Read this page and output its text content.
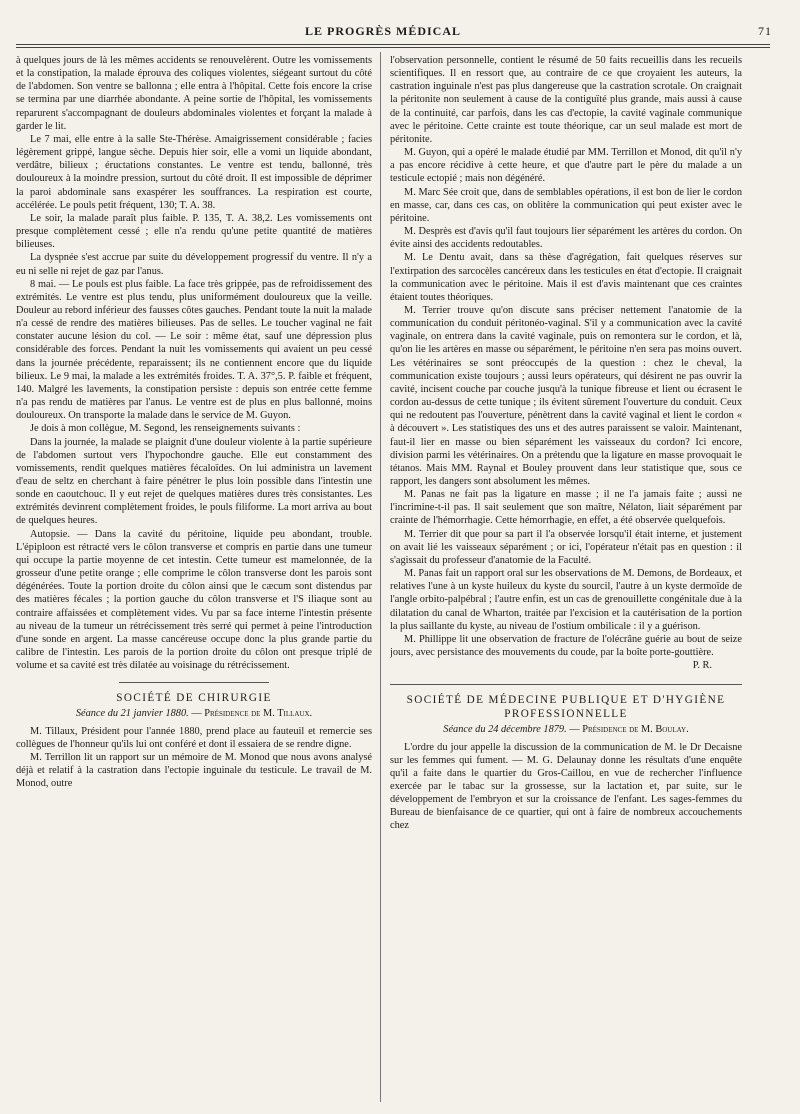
LE PROGRÈS MÉDICAL	71

à quelques jours de là les mêmes accidents se renouvelèrent. Outre les vomissements et la constipation, la malade éprouva des coliques violentes, siégeant surtout du côté de l'abdomen. Son ventre se ballonna ; elle entra à l'hôpital. Cette fois encore la crise se termina par une diarrhée abondante. A peine sortie de l'hôpital, les vomissements reparurent s'accompagnant de douleurs abdominales violentes et forçant la malade à garder le lit.

Le 7 mai, elle entre à la salle Ste-Thérèse. Amaigrissement considérable ; facies légèrement grippé, langue sèche. Depuis hier soir, elle a vomi un liquide abondant, verdâtre, bilieux ; éructations constantes. Le ventre est tendu, ballonné, très douloureux à la moindre pression, surtout du côté droit. Il est impossible de déprimer la paroi abdominale sans exaspérer les souffrances. La respiration est courte, accélérée. Le pouls petit fréquent, 130; T. A. 38.

Le soir, la malade paraît plus faible. P. 135, T. A. 38,2. Les vomissements ont presque complètement cessé ; elle n'a rendu qu'une petite quantité de matières bilieuses.

La dyspnée s'est accrue par suite du développement progressif du ventre. Il n'y a eu ni selle ni rejet de gaz par l'anus.

8 mai. — Le pouls est plus faible. La face très grippée, pas de refroidissement des extrémités. Le ventre est plus tendu, plus uniformément douloureux que la veille. Douleur au rebord inférieur des fausses côtes gauches. Pendant toute la nuit la malade n'a cessé de rendre des matières bilieuses. Pas de selles. Le toucher vaginal ne fait constater aucune lésion du col. — Le soir : même état, sauf une dépression plus considérable des forces. Pendant la nuit les vomissements qui avaient un peu cessé dans la journée précédente, reparaissent; ils ne contiennent encore que du liquide bilieux. Le 9 mai, la malade a les extrémités froides. T. A. 37°,5. P. faible et fréquent, 140. Malgré les lavements, la constipation persiste : depuis son entrée cette femme n'a pas rendu de matières par l'anus. Le ventre est de plus en plus ballonné, moins douloureux. On transporte la malade dans le service de M. Guyon.

Je dois à mon collègue, M. Segond, les renseignements suivants :

Dans la journée, la malade se plaignit d'une douleur violente à la partie supérieure de l'abdomen surtout vers l'hypochondre gauche. Elle eut constamment des vomissements, rendit quelques matières fécaloïdes. On lui administra un lavement d'eau de seltz en cherchant à faire pénétrer le plus loin possible dans l'intestin une sonde en caoutchouc. Il y eut rejet de quelques matières dures très consistantes. Les extrémités devinrent complètement froides, le pouls filiforme. La mort arriva au bout de quelques heures.

Autopsie. — Dans la cavité du péritoine, liquide peu abondant, trouble. L'épiploon est rétracté vers le côlon transverse et compris en partie dans une tumeur qui occupe la partie moyenne de cet intestin. Cette tumeur est mamelonnée, de la grosseur d'une petite orange ; elle comprime le côlon transverse dont les parois sont dégénérées. Toute la portion droite du côlon ainsi que le cæcum sont distendus par des matières fécales ; la portion gauche du côlon transverse et l'S iliaque sont au contraire affaissées et complètement vides. Vu par sa face interne l'intestin présente au niveau de la tumeur un rétrécissement très serré qui permet à peine l'introduction d'une sonde en argent. La masse cancéreuse occupe donc la plus grande partie du calibre de l'intestin. Les parois de la portion droite du côlon ont presque triplé de volume et sa cavité est très dilatée au voisinage du rétrécissement.

SOCIÉTÉ DE CHIRURGIE
Séance du 21 janvier 1880. — Présidence de M. Tillaux.

M. Tillaux, Président pour l'année 1880, prend place au fauteuil et remercie ses collègues de l'honneur qu'ils lui ont conféré et dont il essaiera de se rendre digne.

M. Terrillon lit un rapport sur un mémoire de M. Monod que nous avons analysé déjà et relatif à la castration dans l'ectopie inguinale du testicule. Le travail de M. Monod, outre

l'observation personnelle, contient le résumé de 50 faits recueillis dans les recueils scientifiques. Il en ressort que, au contraire de ce que croyaient les auteurs, la castration inguinale n'est pas plus dangereuse que la castration scrotale. On craignait la péritonite non seulement à cause de la contiguïté plus grande, mais aussi à cause de la continuité, car parfois, dans les cas d'ectopie, la cavité vaginale communique avec le péritoine. Cette crainte est toute théorique, car un seul malade est mort de péritonite.

M. Guyon, qui a opéré le malade étudié par MM. Terrillon et Monod, dit qu'il n'y a pas encore récidive à cette heure, et que d'autre part le père du malade a un testicule ectopié ; mais non dégénéré.

M. Marc Sée croit que, dans de semblables opérations, il est bon de lier le cordon en masse, car, dans ces cas, on oblitère la communication qui peut exister avec le péritoine.

M. Desprès est d'avis qu'il faut toujours lier séparément les artères du cordon. On évite ainsi des accidents redoutables.

M. Le Dentu avait, dans sa thèse d'agrégation, fait quelques réserves sur l'extirpation des sarcocèles cancéreux dans les testicules en état d'ectopie. Il craignait la communication avec le péritoine. Mais il est d'avis maintenant que ces craintes étaient toutes théoriques.

M. Terrier trouve qu'on discute sans préciser nettement l'anatomie de la communication du conduit péritonéo-vaginal. S'il y a communication avec la cavité vaginale, on entrera dans la cavité vaginale, puis on remontera sur le cordon, et là, qu'on lie les artères en masse ou séparément, le péritoine n'en sera pas moins ouvert. Les vétérinaires se sont préoccupés de la question : chez le cheval, la communication existe toujours ; aussi leurs opérateurs, qui désirent ne pas ouvrir la cavité, incisent couche par couche jusqu'à la tunique fibreuse et lient ou écrasent le cordon au-dessus de cette tunique ; ils évitent sûrement l'ouverture du conduit. Ceux qui ne redoutent pas l'ouverture, pénètrent dans la cavité vaginal et lient le cordon « à découvert ». Les statistiques des uns et des autres paraissent se valoir. Maintenant, faut-il lier en masse ou bien séparément les vaisseaux du cordon? Ici encore, division parmi les vétérinaires. On a prétendu que la ligature en masse provoquait le tétanos. Mais MM. Raynal et Bouley prouvent dans leur statistique que, sous ce rapport, les dangers sont absolument les mêmes.

M. Panas ne fait pas la ligature en masse ; il ne l'a jamais faite ; aussi ne l'incrimine-t-il pas. Il sait seulement que son maître, Nélaton, liait séparément par crainte de l'hémorrhagie. Cette hémorrhagie, en effet, a été observée quelquefois.

M. Terrier dit que pour sa part il l'a observée lorsqu'il était interne, et justement on avait lié les vaisseaux séparément ; or ici, l'opérateur n'était pas en question : il s'agissait du professeur d'anatomie de la Faculté.

M. Panas fait un rapport oral sur les observations de M. Demons, de Bordeaux, et relatives l'une à un kyste huileux du kyste du sourcil, l'autre à un kyste dermoïde de l'angle orbito-palpébral ; l'autre enfin, est un cas de grenouillette congénitale due à la dilatation du canal de Wharton, traitée par l'excision et la cautérisation de la portion la plus saillante du kyste, au niveau de l'ostium ombilicale : il y a guérison.

M. Phillippe lit une observation de fracture de l'olécrâne guérie au bout de seize jours, avec persistance des mouvements du coude, par la boîte porte-gouttière.

P. R.
SOCIÉTÉ DE MÉDECINE PUBLIQUE ET D'HYGIÈNE PROFESSIONNELLE
Séance du 24 décembre 1879. — Présidence de M. Boulay.

L'ordre du jour appelle la discussion de la communication de M. le Dr Decaisne sur les femmes qui fument. — M. G. Delaunay donne les résultats d'une enquête qu'il a faite dans le quartier du Gros-Caillou, en vue de rechercher l'influence exercée par le tabac sur la grossesse, sur la lactation et, par suite, sur le développement de l'embryon et sur la croissance de l'enfant. Les sages-femmes du Bureau de bienfaisance de ce quartier, qui ont à faire de nombreux accouchements chez
